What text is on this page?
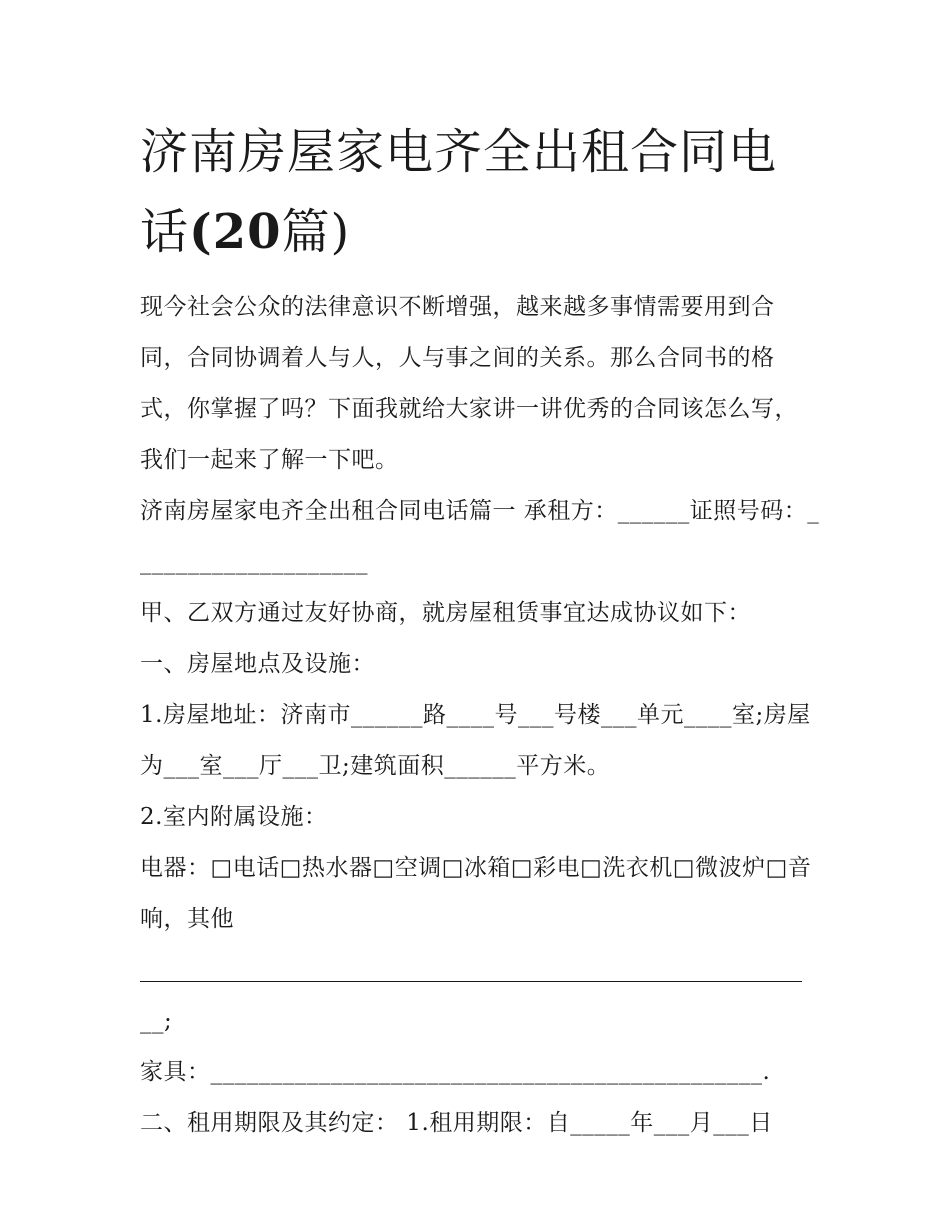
济南房屋家电齐全出租合同电
话(20篇)

现今社会公众的法律意识不断增强，越来越多事情需要用到合同，合同协调着人与人，人与事之间的关系。那么合同书的格式，你掌握了吗？下面我就给大家讲一讲优秀的合同该怎么写，我们一起来了解一下吧。

济南房屋家电齐全出租合同电话篇一 承租方：______证照号码：____________________

甲、乙双方通过友好协商，就房屋租赁事宜达成协议如下：

一、房屋地点及设施：

1.房屋地址：济南市______路____号___号楼___单元____室;房屋为___室___厅___卫;建筑面积______平方米。

2.室内附属设施：

电器：□电话□热水器□空调□冰箱□彩电□洗衣机□微波炉□音响，其他

__;

家具：______________________________________________.

二、租用期限及其约定： 1.租用期限：自_____年___月___日
